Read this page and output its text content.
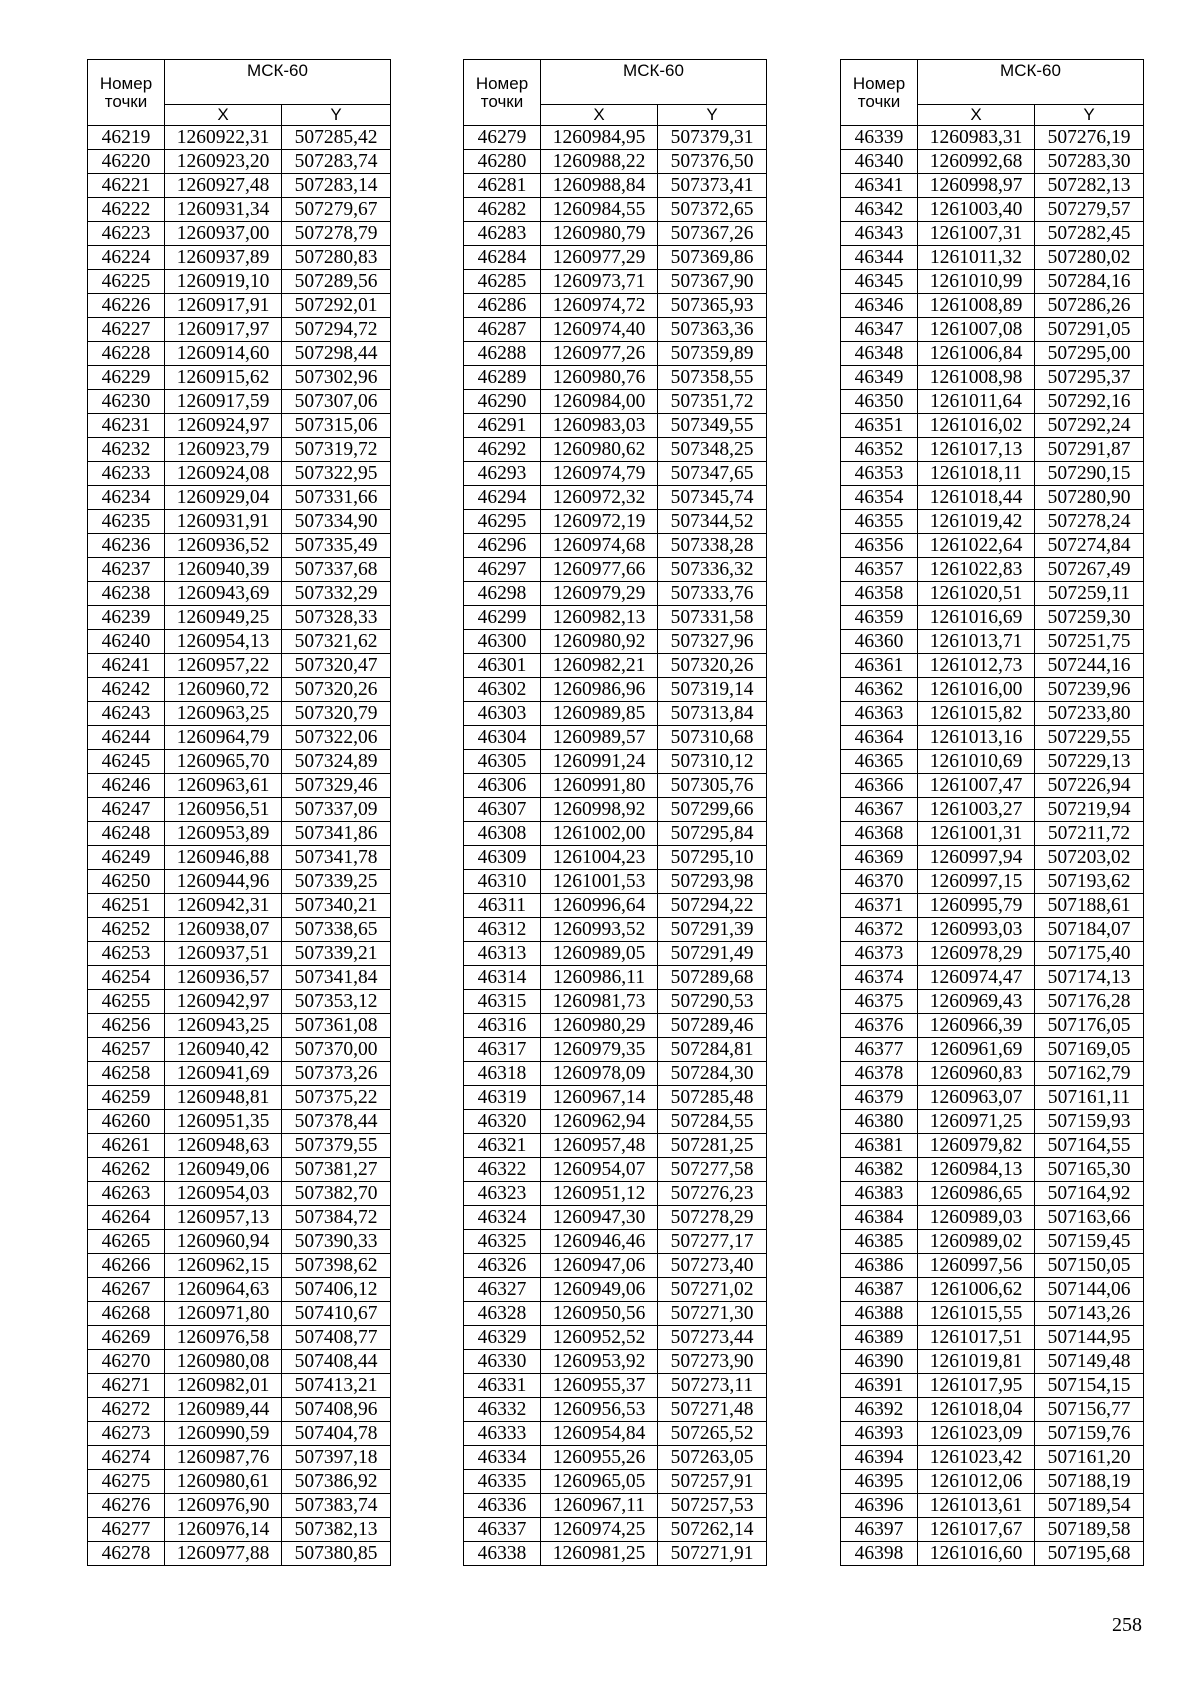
Номер точки	МСК-60	
	X	Y
46219	1260922,31	507285,42
46220	1260923,20	507283,74
46221	1260927,48	507283,14
46222	1260931,34	507279,67
46223	1260937,00	507278,79
46224	1260937,89	507280,83
46225	1260919,10	507289,56
46226	1260917,91	507292,01
46227	1260917,97	507294,72
46228	1260914,60	507298,44
46229	1260915,62	507302,96
46230	1260917,59	507307,06
46231	1260924,97	507315,06
46232	1260923,79	507319,72
46233	1260924,08	507322,95
46234	1260929,04	507331,66
46235	1260931,91	507334,90
46236	1260936,52	507335,49
46237	1260940,39	507337,68
46238	1260943,69	507332,29
46239	1260949,25	507328,33
46240	1260954,13	507321,62
46241	1260957,22	507320,47
46242	1260960,72	507320,26
46243	1260963,25	507320,79
46244	1260964,79	507322,06
46245	1260965,70	507324,89
46246	1260963,61	507329,46
46247	1260956,51	507337,09
46248	1260953,89	507341,86
46249	1260946,88	507341,78
46250	1260944,96	507339,25
46251	1260942,31	507340,21
46252	1260938,07	507338,65
46253	1260937,51	507339,21
46254	1260936,57	507341,84
46255	1260942,97	507353,12
46256	1260943,25	507361,08
46257	1260940,42	507370,00
46258	1260941,69	507373,26
46259	1260948,81	507375,22
46260	1260951,35	507378,44
46261	1260948,63	507379,55
46262	1260949,06	507381,27
46263	1260954,03	507382,70
46264	1260957,13	507384,72
46265	1260960,94	507390,33
46266	1260962,15	507398,62
46267	1260964,63	507406,12
46268	1260971,80	507410,67
46269	1260976,58	507408,77
46270	1260980,08	507408,44
46271	1260982,01	507413,21
46272	1260989,44	507408,96
46273	1260990,59	507404,78
46274	1260987,76	507397,18
46275	1260980,61	507386,92
46276	1260976,90	507383,74
46277	1260976,14	507382,13
46278	1260977,88	507380,85
Номер точки	МСК-60	
	X	Y
46279	1260984,95	507379,31
46280	1260988,22	507376,50
46281	1260988,84	507373,41
46282	1260984,55	507372,65
46283	1260980,79	507367,26
46284	1260977,29	507369,86
46285	1260973,71	507367,90
46286	1260974,72	507365,93
46287	1260974,40	507363,36
46288	1260977,26	507359,89
46289	1260980,76	507358,55
46290	1260984,00	507351,72
46291	1260983,03	507349,55
46292	1260980,62	507348,25
46293	1260974,79	507347,65
46294	1260972,32	507345,74
46295	1260972,19	507344,52
46296	1260974,68	507338,28
46297	1260977,66	507336,32
46298	1260979,29	507333,76
46299	1260982,13	507331,58
46300	1260980,92	507327,96
46301	1260982,21	507320,26
46302	1260986,96	507319,14
46303	1260989,85	507313,84
46304	1260989,57	507310,68
46305	1260991,24	507310,12
46306	1260991,80	507305,76
46307	1260998,92	507299,66
46308	1261002,00	507295,84
46309	1261004,23	507295,10
46310	1261001,53	507293,98
46311	1260996,64	507294,22
46312	1260993,52	507291,39
46313	1260989,05	507291,49
46314	1260986,11	507289,68
46315	1260981,73	507290,53
46316	1260980,29	507289,46
46317	1260979,35	507284,81
46318	1260978,09	507284,30
46319	1260967,14	507285,48
46320	1260962,94	507284,55
46321	1260957,48	507281,25
46322	1260954,07	507277,58
46323	1260951,12	507276,23
46324	1260947,30	507278,29
46325	1260946,46	507277,17
46326	1260947,06	507273,40
46327	1260949,06	507271,02
46328	1260950,56	507271,30
46329	1260952,52	507273,44
46330	1260953,92	507273,90
46331	1260955,37	507273,11
46332	1260956,53	507271,48
46333	1260954,84	507265,52
46334	1260955,26	507263,05
46335	1260965,05	507257,91
46336	1260967,11	507257,53
46337	1260974,25	507262,14
46338	1260981,25	507271,91
Номер точки	МСК-60	
	X	Y
46339	1260983,31	507276,19
46340	1260992,68	507283,30
46341	1260998,97	507282,13
46342	1261003,40	507279,57
46343	1261007,31	507282,45
46344	1261011,32	507280,02
46345	1261010,99	507284,16
46346	1261008,89	507286,26
46347	1261007,08	507291,05
46348	1261006,84	507295,00
46349	1261008,98	507295,37
46350	1261011,64	507292,16
46351	1261016,02	507292,24
46352	1261017,13	507291,87
46353	1261018,11	507290,15
46354	1261018,44	507280,90
46355	1261019,42	507278,24
46356	1261022,64	507274,84
46357	1261022,83	507267,49
46358	1261020,51	507259,11
46359	1261016,69	507259,30
46360	1261013,71	507251,75
46361	1261012,73	507244,16
46362	1261016,00	507239,96
46363	1261015,82	507233,80
46364	1261013,16	507229,55
46365	1261010,69	507229,13
46366	1261007,47	507226,94
46367	1261003,27	507219,94
46368	1261001,31	507211,72
46369	1260997,94	507203,02
46370	1260997,15	507193,62
46371	1260995,79	507188,61
46372	1260993,03	507184,07
46373	1260978,29	507175,40
46374	1260974,47	507174,13
46375	1260969,43	507176,28
46376	1260966,39	507176,05
46377	1260961,69	507169,05
46378	1260960,83	507162,79
46379	1260963,07	507161,11
46380	1260971,25	507159,93
46381	1260979,82	507164,55
46382	1260984,13	507165,30
46383	1260986,65	507164,92
46384	1260989,03	507163,66
46385	1260989,02	507159,45
46386	1260997,56	507150,05
46387	1261006,62	507144,06
46388	1261015,55	507143,26
46389	1261017,51	507144,95
46390	1261019,81	507149,48
46391	1261017,95	507154,15
46392	1261018,04	507156,77
46393	1261023,09	507159,76
46394	1261023,42	507161,20
46395	1261012,06	507188,19
46396	1261013,61	507189,54
46397	1261017,67	507189,58
46398	1261016,60	507195,68
258
